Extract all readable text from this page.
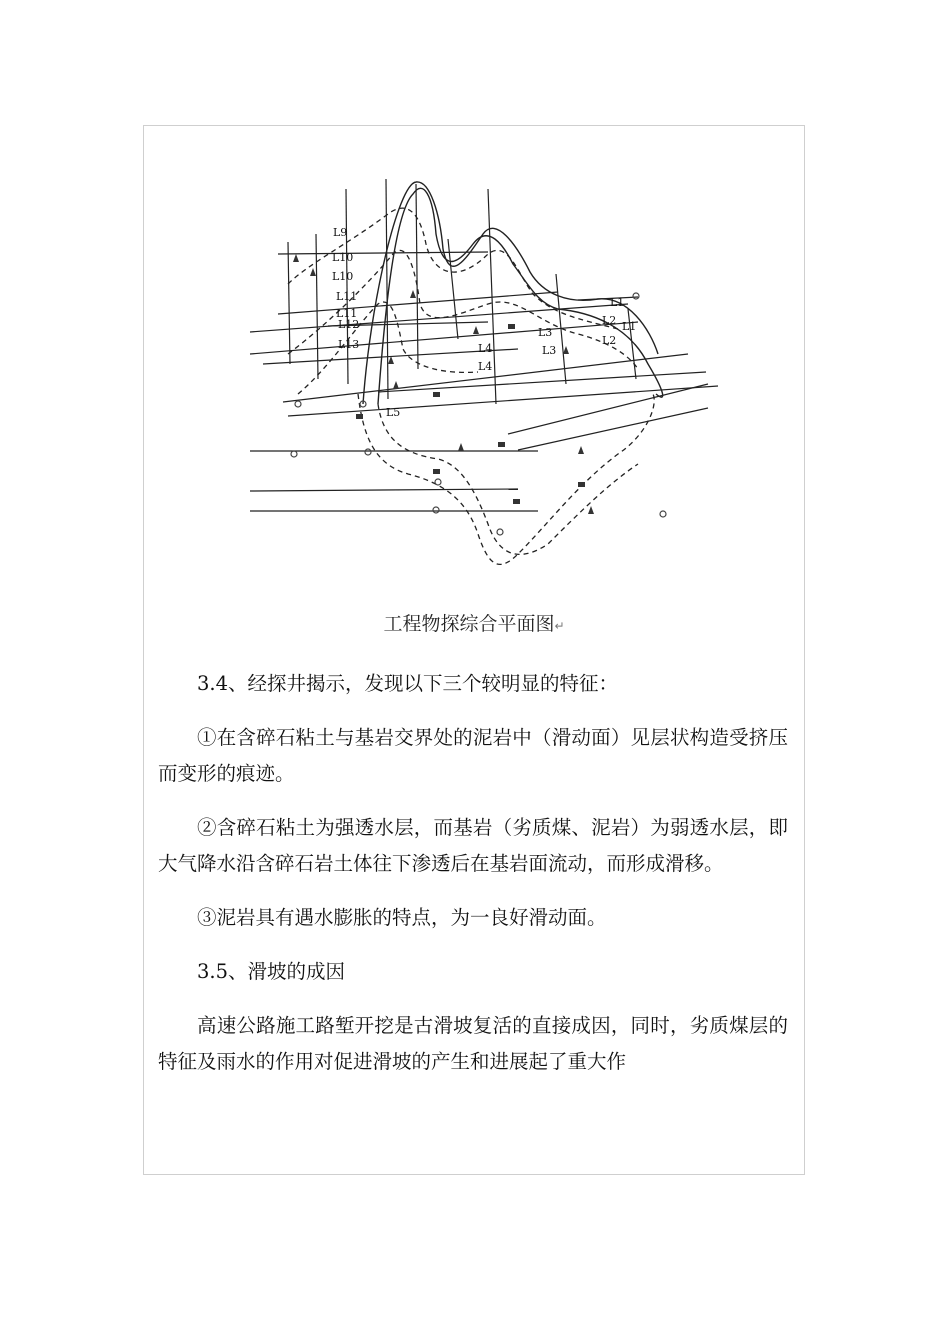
L1
L2
L3
L4
L5
L9
L10
L10
L11
L11
L12
L13
L1
L2
L3
L4
工程物探综合平面图↵

3.4、经探井揭示，发现以下三个较明显的特征：

①在含碎石粘土与基岩交界处的泥岩中（滑动面）见层状构造受挤压而变形的痕迹。

②含碎石粘土为强透水层，而基岩（劣质煤、泥岩）为弱透水层，即大气降水沿含碎石岩土体往下渗透后在基岩面流动，而形成滑移。

③泥岩具有遇水膨胀的特点，为一良好滑动面。

3.5、滑坡的成因

高速公路施工路堑开挖是古滑坡复活的直接成因，同时，劣质煤层的特征及雨水的作用对促进滑坡的产生和进展起了重大作
